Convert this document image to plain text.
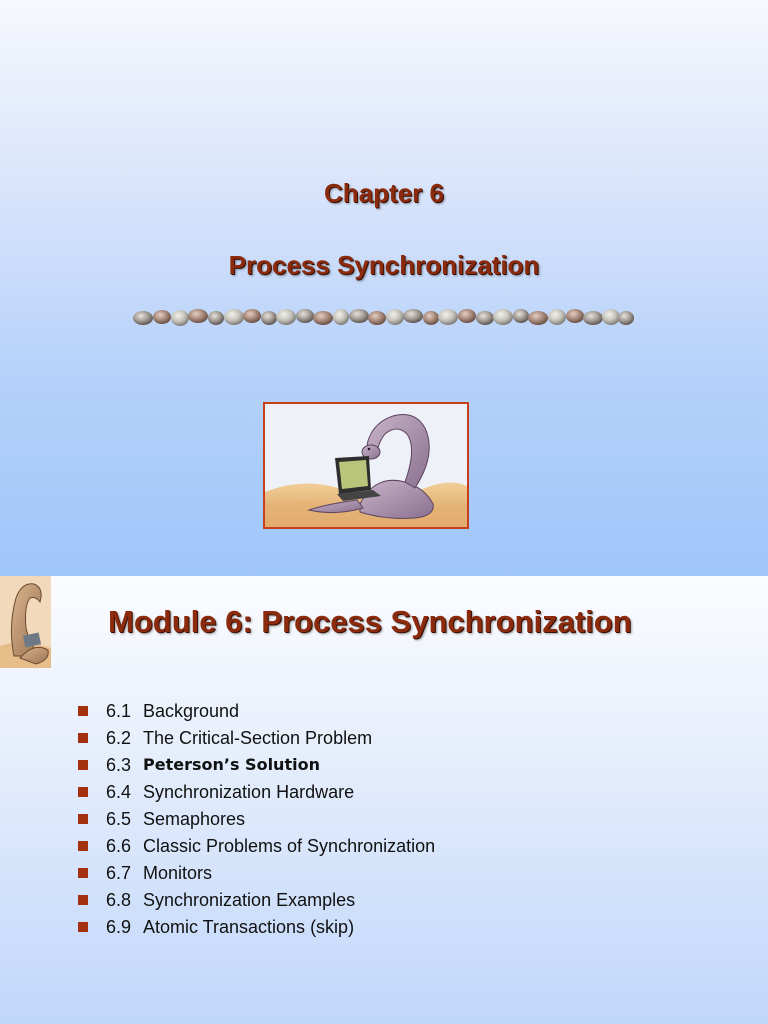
Chapter 6
Process Synchronization
Module 6: Process Synchronization
6.1 Background
6.2 The Critical-Section Problem
6.3 Peterson’s Solution
6.4 Synchronization Hardware
6.5 Semaphores
6.6 Classic Problems of Synchronization
6.7 Monitors
6.8 Synchronization Examples
6.9 Atomic Transactions (skip)
